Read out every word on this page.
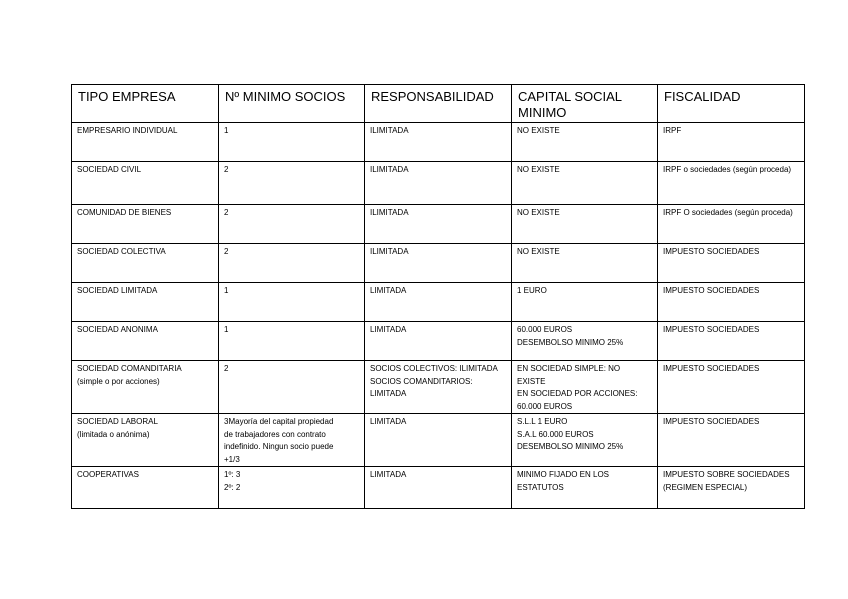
TIPO EMPRESA	Nº MINIMO SOCIOS	RESPONSABILIDAD	CAPITAL SOCIAL MINIMO	FISCALIDAD

EMPRESARIO INDIVIDUAL	1	ILIMITADA	NO EXISTE	IRPF

SOCIEDAD CIVIL	2	ILIMITADA	NO EXISTE	IRPF o sociedades (según proceda)

COMUNIDAD DE BIENES	2	ILIMITADA	NO EXISTE	IRPF O sociedades (según proceda)

SOCIEDAD COLECTIVA	2	ILIMITADA	NO EXISTE	IMPUESTO SOCIEDADES

SOCIEDAD LIMITADA	1	LIMITADA	1 EURO	IMPUESTO SOCIEDADES

SOCIEDAD ANONIMA	1	LIMITADA	60.000 EUROS
DESEMBOLSO MINIMO 25%	IMPUESTO SOCIEDADES

SOCIEDAD COMANDITARIA
(simple o por acciones)	2	SOCIOS COLECTIVOS: ILIMITADA
SOCIOS COMANDITARIOS:
LIMITADA	EN SOCIEDAD SIMPLE: NO
EXISTE
EN SOCIEDAD POR ACCIONES:
60.000 EUROS	IMPUESTO SOCIEDADES

SOCIEDAD LABORAL
(limitada o anónima)	3Mayoría del capital propiedad
de trabajadores con contrato
indefinido. Ningun socio puede
+1/3	LIMITADA	S.L.L 1 EURO
S.A.L 60.000 EUROS
DESEMBOLSO MINIMO 25%	IMPUESTO SOCIEDADES

COOPERATIVAS	1º: 3
2º: 2	LIMITADA	MINIMO FIJADO EN LOS
ESTATUTOS	IMPUESTO SOBRE SOCIEDADES
(REGIMEN ESPECIAL)
